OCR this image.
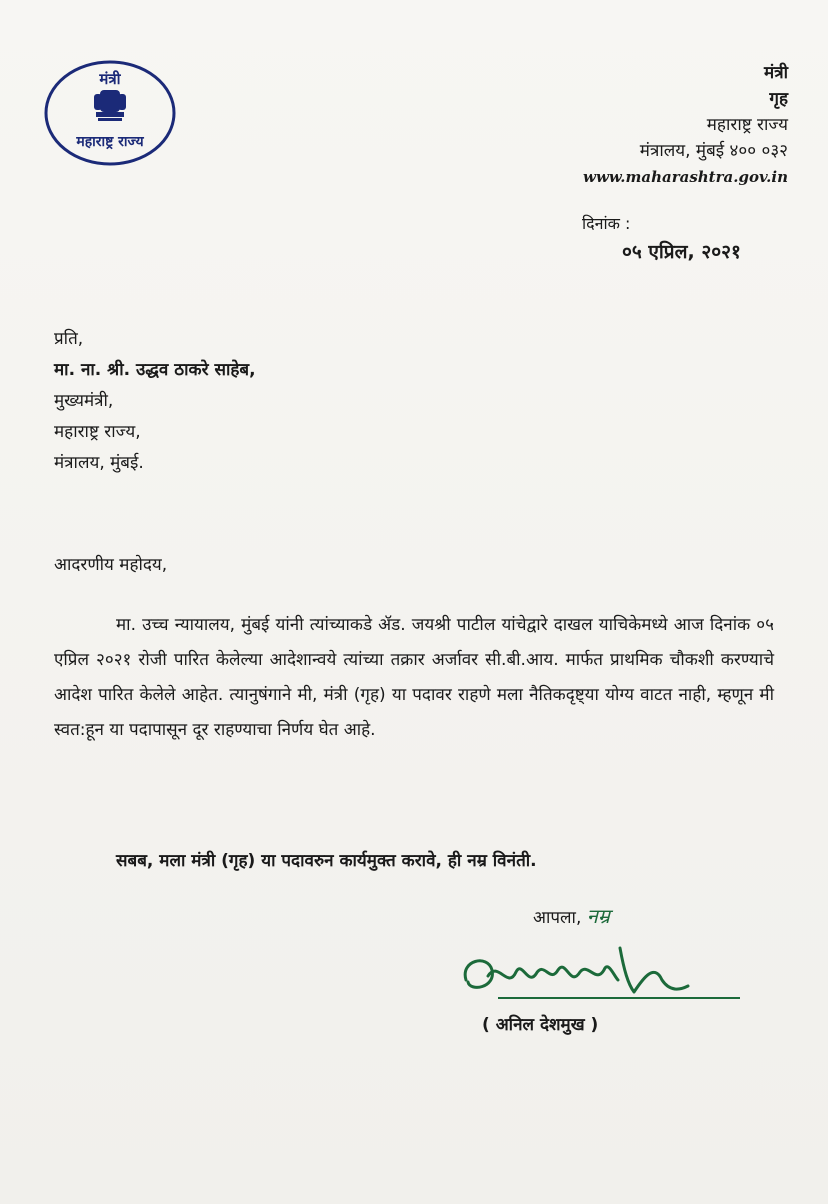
मंत्री
महाराष्ट्र राज्य
मंत्री
गृह
महाराष्ट्र राज्य
मंत्रालय, मुंबई ४०० ०३२
www.maharashtra.gov.in
दिनांक :
०५ एप्रिल, २०२१
प्रति,
मा. ना. श्री. उद्धव ठाकरे साहेब,
मुख्यमंत्री,
महाराष्ट्र राज्य,
मंत्रालय, मुंबई.
आदरणीय महोदय,
मा. उच्च न्यायालय, मुंबई यांनी त्यांच्याकडे ॲड. जयश्री पाटील यांचेद्वारे दाखल याचिकेमध्ये आज दिनांक ०५ एप्रिल २०२१ रोजी पारित केलेल्या आदेशान्वये त्यांच्या तक्रार अर्जावर सी.बी.आय. मार्फत प्राथमिक चौकशी करण्याचे आदेश पारित केलेले आहेत. त्यानुषंगाने मी, मंत्री (गृह) या पदावर राहणे मला नैतिकदृष्ट्या योग्य वाटत नाही, म्हणून मी स्वत:हून या पदापासून दूर राहण्याचा निर्णय घेत आहे.
सबब, मला मंत्री (गृह) या पदावरुन कार्यमुक्त करावे, ही नम्र विनंती.
आपला, नम्र
( अनिल देशमुख )
